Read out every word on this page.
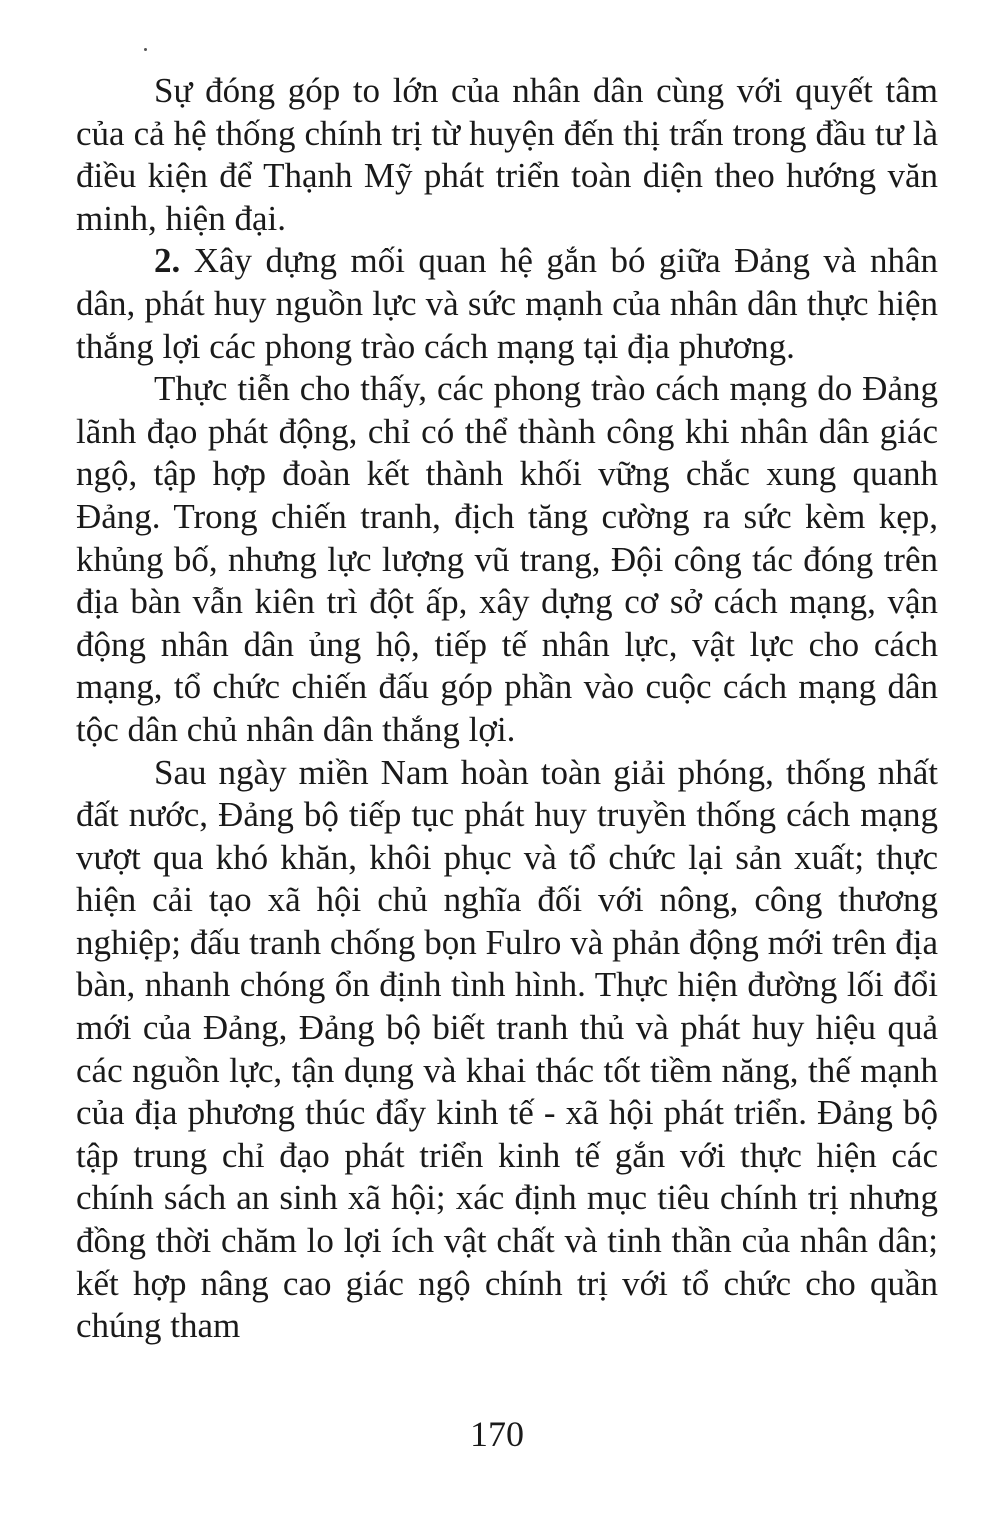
Sự đóng góp to lớn của nhân dân cùng với quyết tâm của cả hệ thống chính trị từ huyện đến thị trấn trong đầu tư là điều kiện để Thạnh Mỹ phát triển toàn diện theo hướng văn minh, hiện đại.

2. Xây dựng mối quan hệ gắn bó giữa Đảng và nhân dân, phát huy nguồn lực và sức mạnh của nhân dân thực hiện thắng lợi các phong trào cách mạng tại địa phương.

Thực tiễn cho thấy, các phong trào cách mạng do Đảng lãnh đạo phát động, chỉ có thể thành công khi nhân dân giác ngộ, tập hợp đoàn kết thành khối vững chắc xung quanh Đảng. Trong chiến tranh, địch tăng cường ra sức kèm kẹp, khủng bố, nhưng lực lượng vũ trang, Đội công tác đóng trên địa bàn vẫn kiên trì đột ấp, xây dựng cơ sở cách mạng, vận động nhân dân ủng hộ, tiếp tế nhân lực, vật lực cho cách mạng, tổ chức chiến đấu góp phần vào cuộc cách mạng dân tộc dân chủ nhân dân thắng lợi.

Sau ngày miền Nam hoàn toàn giải phóng, thống nhất đất nước, Đảng bộ tiếp tục phát huy truyền thống cách mạng vượt qua khó khăn, khôi phục và tổ chức lại sản xuất; thực hiện cải tạo xã hội chủ nghĩa đối với nông, công thương nghiệp; đấu tranh chống bọn Fulro và phản động mới trên địa bàn, nhanh chóng ổn định tình hình. Thực hiện đường lối đổi mới của Đảng, Đảng bộ biết tranh thủ và phát huy hiệu quả các nguồn lực, tận dụng và khai thác tốt tiềm năng, thế mạnh của địa phương thúc đẩy kinh tế - xã hội phát triển. Đảng bộ tập trung chỉ đạo phát triển kinh tế gắn với thực hiện các chính sách an sinh xã hội; xác định mục tiêu chính trị nhưng đồng thời chăm lo lợi ích vật chất và tinh thần của nhân dân; kết hợp nâng cao giác ngộ chính trị với tổ chức cho quần chúng tham

170
